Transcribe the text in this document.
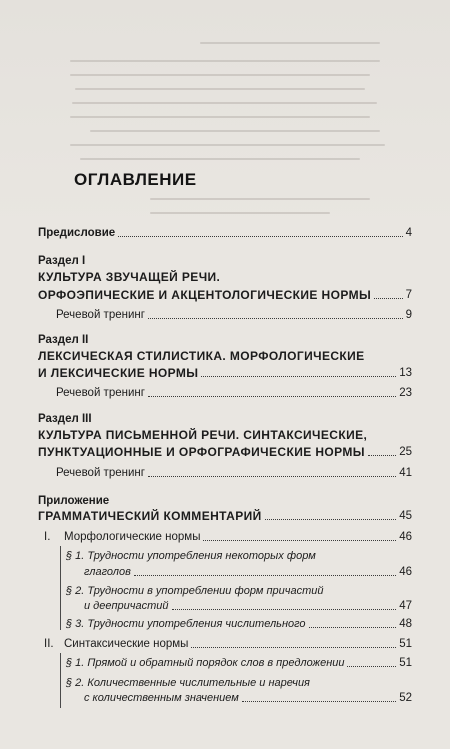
ОГЛАВЛЕНИЕ
Предисловие	4
Раздел I
КУЛЬТУРА ЗВУЧАЩЕЙ РЕЧИ.
ОРФОЭПИЧЕСКИЕ И АКЦЕНТОЛОГИЧЕСКИЕ НОРМЫ	7
Речевой тренинг	9
Раздел II
ЛЕКСИЧЕСКАЯ СТИЛИСТИКА. МОРФОЛОГИЧЕСКИЕ
И ЛЕКСИЧЕСКИЕ НОРМЫ	13
Речевой тренинг	23
Раздел III
КУЛЬТУРА ПИСЬМЕННОЙ РЕЧИ. СИНТАКСИЧЕСКИЕ,
ПУНКТУАЦИОННЫЕ И ОРФОГРАФИЧЕСКИЕ НОРМЫ	25
Речевой тренинг	41
Приложение
ГРАММАТИЧЕСКИЙ КОММЕНТАРИЙ	45
I.	Морфологические нормы	46
§ 1. Трудности употребления некоторых форм
глаголов	46
§ 2. Трудности в употреблении форм причастий
и деепричастий	47
§ 3. Трудности употребления числительного	48
II. Синтаксические нормы	51
§ 1. Прямой и обратный порядок слов в предложении	51
§ 2. Количественные числительные и наречия
с количественным значением	52
